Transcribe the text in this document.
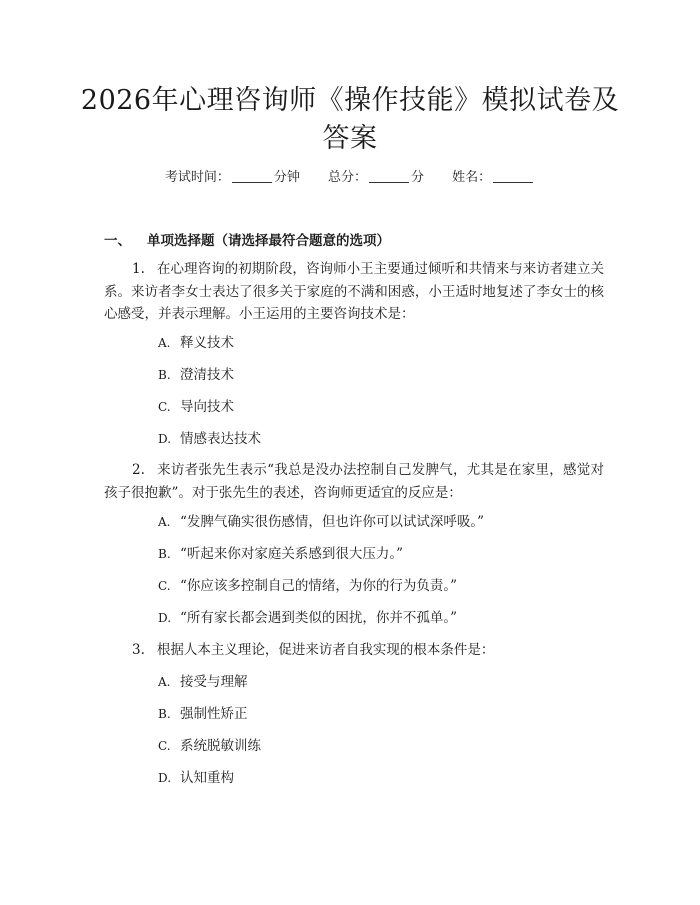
2026年心理咨询师《操作技能》模拟试卷及
答案
考试时间：	分钟 总分：	分 姓名：
一、 单项选择题（请选择最符合题意的选项）
1. 在心理咨询的初期阶段，咨询师小王主要通过倾听和共情来与来访者建立关系。来访者李女士表达了很多关于家庭的不满和困惑，小王适时地复述了李女士的核心感受，并表示理解。小王运用的主要咨询技术是：
A. 释义技术
B. 澄清技术
C. 导向技术
D. 情感表达技术
2. 来访者张先生表示“我总是没办法控制自己发脾气，尤其是在家里，感觉对孩子很抱歉”。对于张先生的表述，咨询师更适宜的反应是：
A. “发脾气确实很伤感情，但也许你可以试试深呼吸。”
B. “听起来你对家庭关系感到很大压力。”
C. “你应该多控制自己的情绪，为你的行为负责。”
D. “所有家长都会遇到类似的困扰，你并不孤单。”
3. 根据人本主义理论，促进来访者自我实现的根本条件是：
A. 接受与理解
B. 强制性矫正
C. 系统脱敏训练
D. 认知重构
